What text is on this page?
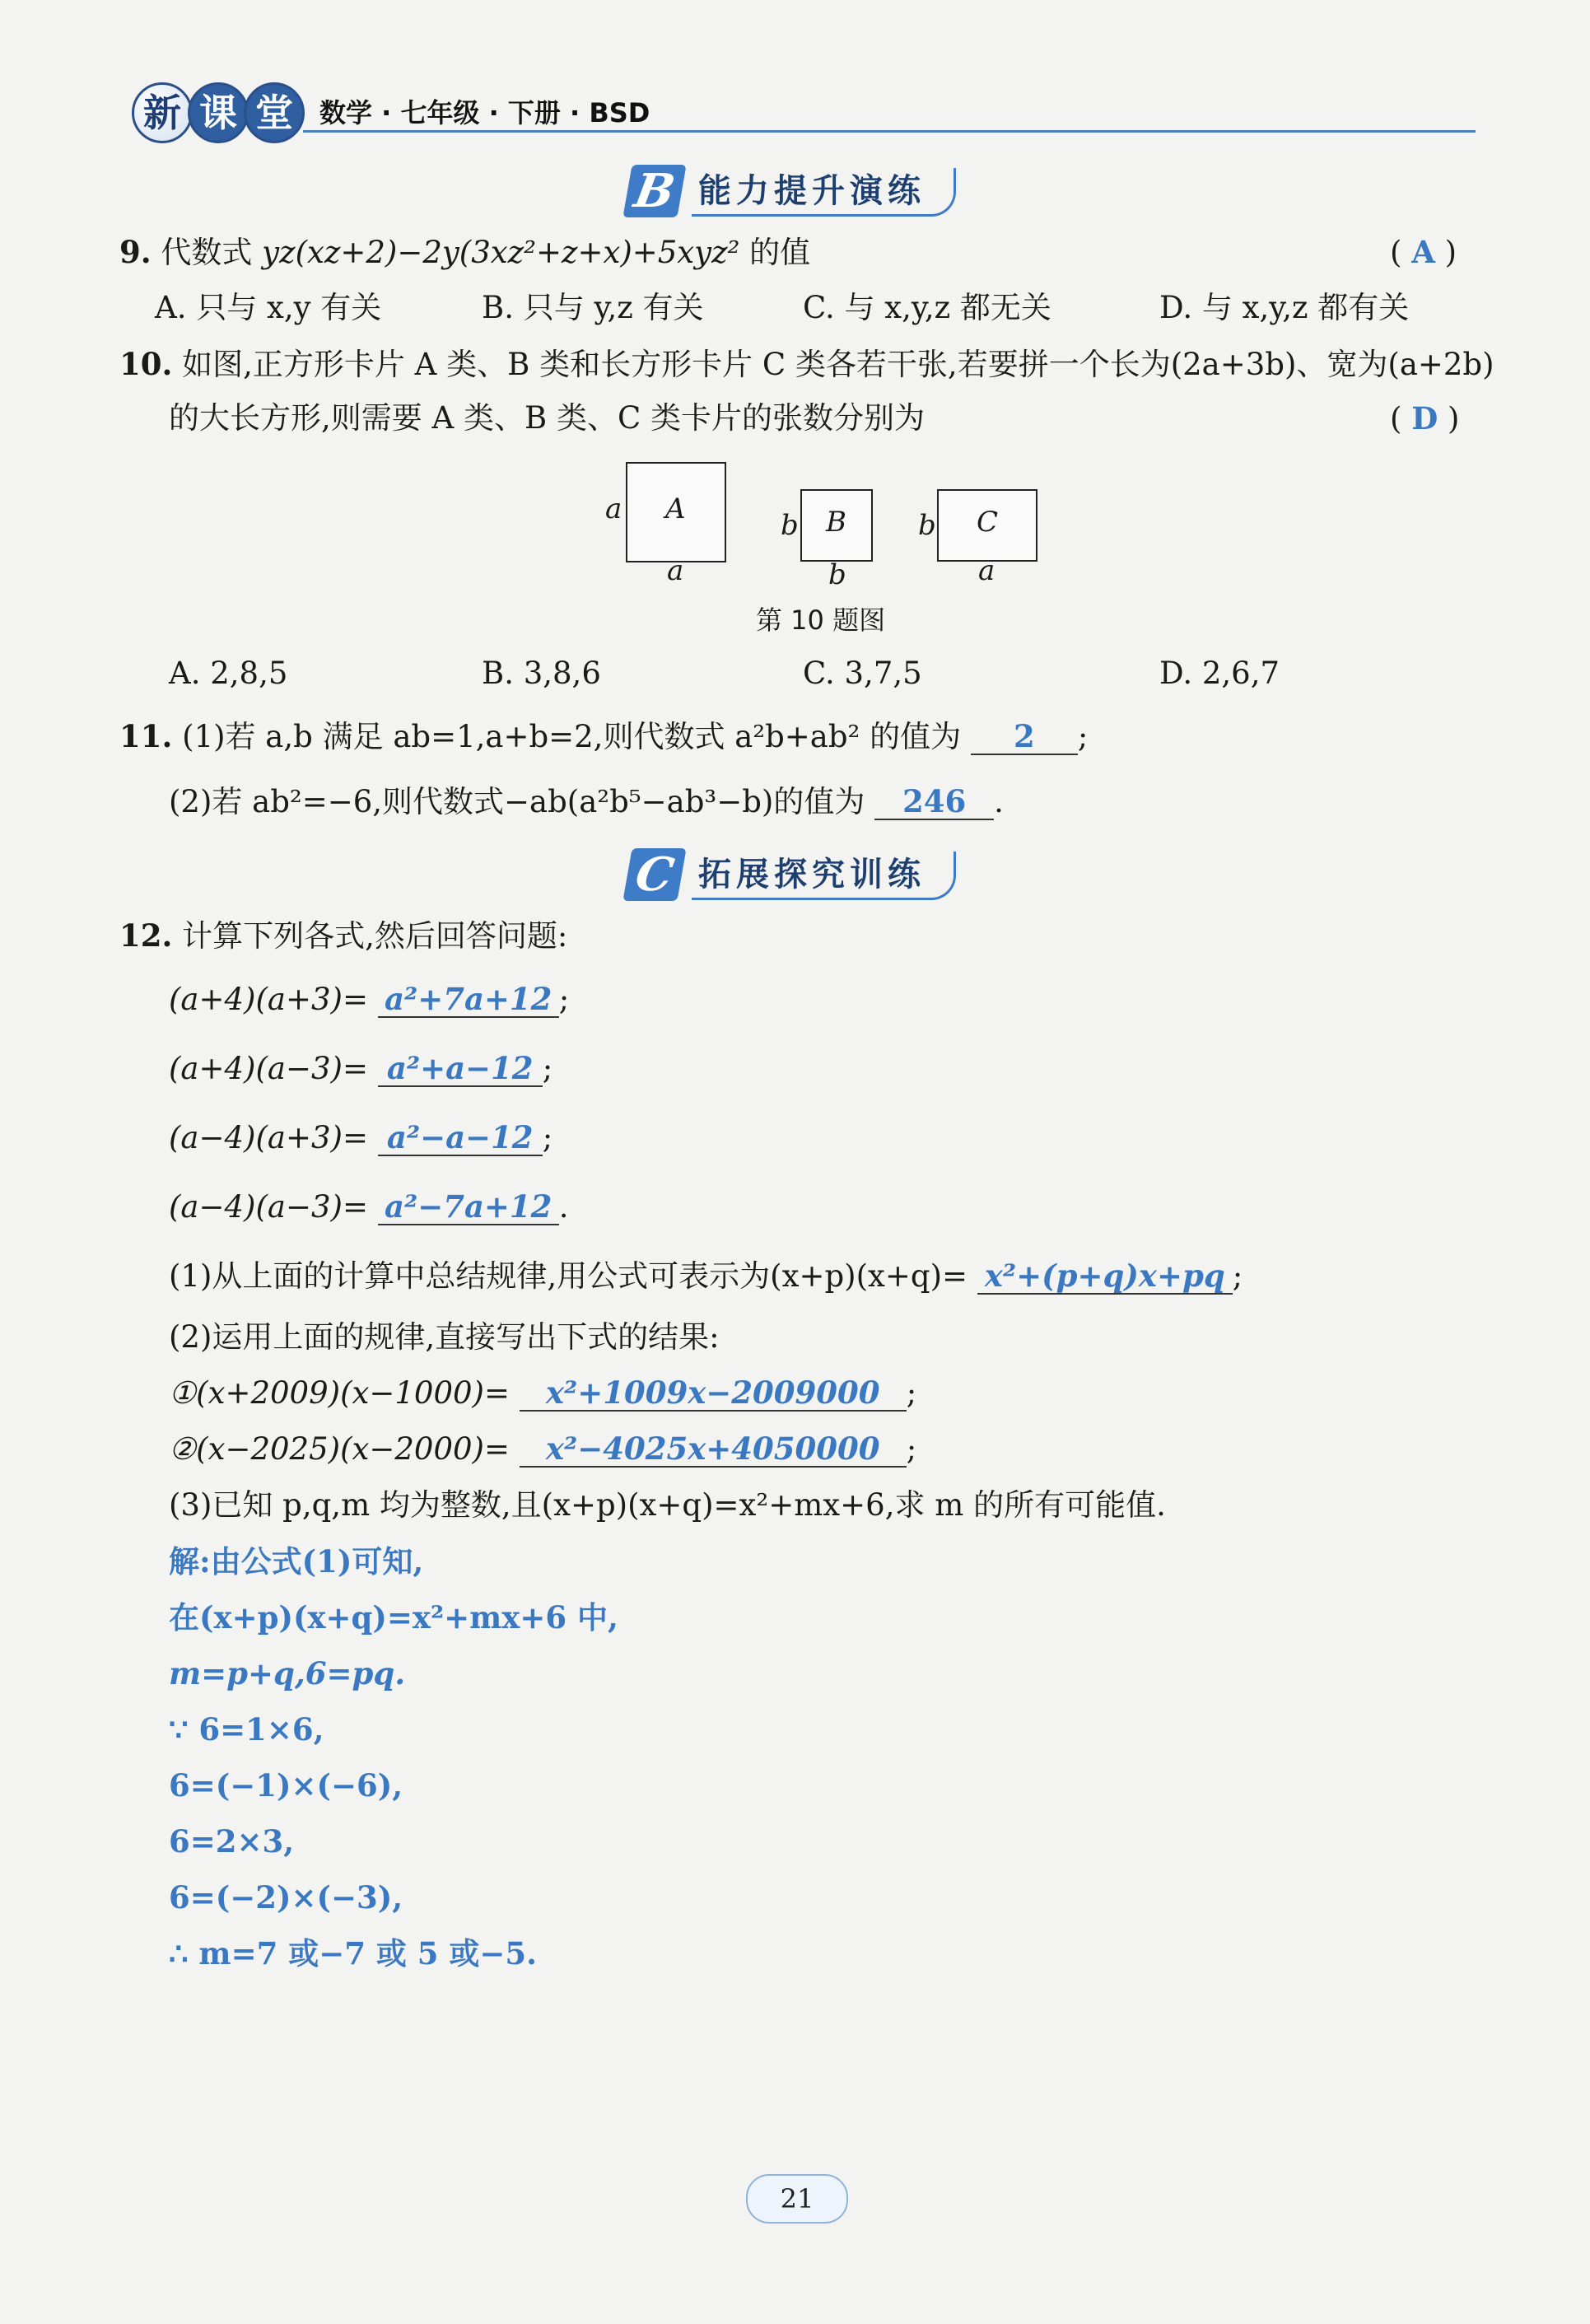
新 课 堂	数学 · 七年级 · 下册 · BSD
B 能力提升演练
9. 代数式 yz(xz+2)−2y(3xz²+z+x)+5xyz² 的值	( A )
A. 只与 x,y 有关	B. 只与 y,z 有关	C. 与 x,y,z 都无关	D. 与 x,y,z 都有关
10. 如图,正方形卡片 A 类、B 类和长方形卡片 C 类各若干张,若要拼一个长为(2a+3b)、宽为(a+2b)
的大长方形,则需要 A 类、B 类、C 类卡片的张数分别为	( D )
A
a
a
B
b
b
C
b
a
第 10 题图
A. 2,8,5	B. 3,8,6	C. 3,7,5	D. 2,6,7
11. (1)若 a,b 满足 ab=1,a+b=2,则代数式 a²b+ab² 的值为 2 ;
(2)若 ab²=−6,则代数式−ab(a²b⁵−ab³−b)的值为 246 .
C 拓展探究训练
12. 计算下列各式,然后回答问题:
(a+4)(a+3)= a²+7a+12 ;
(a+4)(a−3)= a²+a−12 ;
(a−4)(a+3)= a²−a−12 ;
(a−4)(a−3)= a²−7a+12 .
(1)从上面的计算中总结规律,用公式可表示为(x+p)(x+q)= x²+(p+q)x+pq ;
(2)运用上面的规律,直接写出下式的结果:
①(x+2009)(x−1000)= x²+1009x−2009000 ;
②(x−2025)(x−2000)= x²−4025x+4050000 ;
(3)已知 p,q,m 均为整数,且(x+p)(x+q)=x²+mx+6,求 m 的所有可能值.
解:由公式(1)可知,
在(x+p)(x+q)=x²+mx+6 中,
m=p+q,6=pq.
∵ 6=1×6,
6=(−1)×(−6),
6=2×3,
6=(−2)×(−3),
∴ m=7 或−7 或 5 或−5.
21
